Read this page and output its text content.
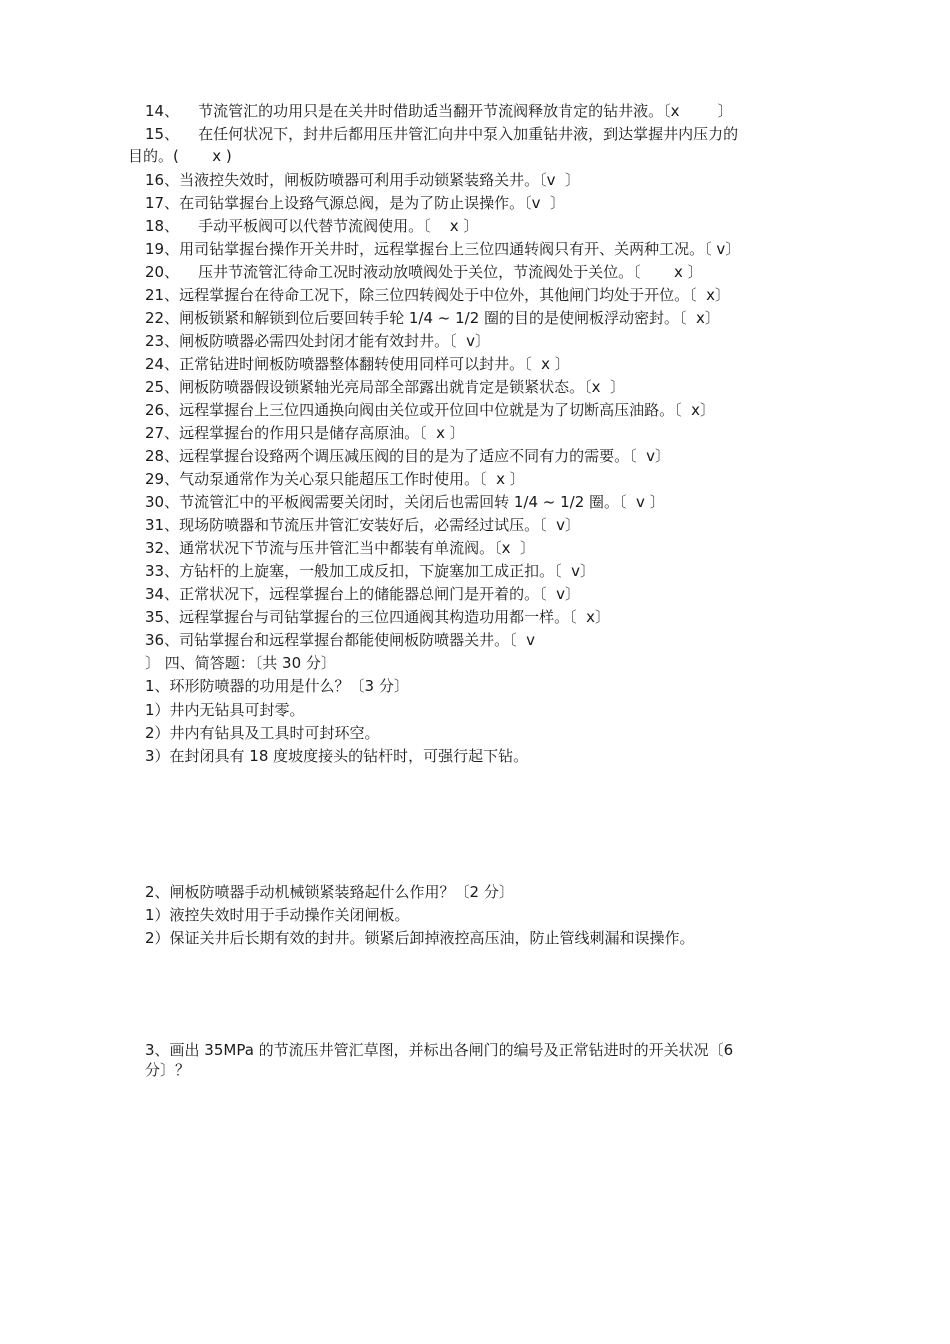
14、    节流管汇的功用只是在关井时借助适当翻开节流阀释放肯定的钻井液。〔x        〕
15、    在任何状况下，封井后都用压井管汇向井中泵入加重钻井液，到达掌握井内压力的
目的。(       x )
16、当液控失效时，闸板防喷器可利用手动锁紧装臵关井。〔v  〕
17、在司钻掌握台上设臵气源总阀，是为了防止误操作。〔v  〕
18、    手动平板阀可以代替节流阀使用。〔    x 〕
19、用司钻掌握台操作开关井时，远程掌握台上三位四通转阀只有开、关两种工况。〔 v〕
20、    压井节流管汇待命工况时液动放喷阀处于关位，节流阀处于关位。〔       x 〕
21、远程掌握台在待命工况下，除三位四转阀处于中位外，其他闸门均处于开位。〔  x〕
22、闸板锁紧和解锁到位后要回转手轮 1/4 ~ 1/2 圈的目的是使闸板浮动密封。〔  x〕
23、闸板防喷器必需四处封闭才能有效封井。〔  v〕
24、正常钻进时闸板防喷器整体翻转使用同样可以封井。〔  x 〕
25、闸板防喷器假设锁紧轴光亮局部全部露出就肯定是锁紧状态。〔x  〕
26、远程掌握台上三位四通换向阀由关位或开位回中位就是为了切断高压油路。〔  x〕
27、远程掌握台的作用只是储存高原油。〔  x 〕
28、远程掌握台设臵两个调压减压阀的目的是为了适应不同有力的需要。〔  v〕
29、气动泵通常作为关心泵只能超压工作时使用。〔  x 〕
30、节流管汇中的平板阀需要关闭时，关闭后也需回转 1/4 ~ 1/2 圈。〔  v 〕
31、现场防喷器和节流压井管汇安装好后，必需经过试压。〔  v〕
32、通常状况下节流与压井管汇当中都装有单流阀。〔x  〕
33、方钻杆的上旋塞，一般加工成反扣，下旋塞加工成正扣。〔  v〕
34、正常状况下，远程掌握台上的储能器总闸门是开着的。〔  v〕
35、远程掌握台与司钻掌握台的三位四通阀其构造功用都一样。〔  x〕
36、司钻掌握台和远程掌握台都能使闸板防喷器关井。〔  v
〕 四、简答题：〔共 30 分〕
1、环形防喷器的功用是什么？〔3 分〕
1）井内无钻具可封零。
2）井内有钻具及工具时可封环空。
3）在封闭具有 18 度坡度接头的钻杆时，可强行起下钻。
2、闸板防喷器手动机械锁紧装臵起什么作用？〔2 分〕
1）液控失效时用于手动操作关闭闸板。
2）保证关井后长期有效的封井。锁紧后卸掉液控高压油，防止管线刺漏和误操作。
3、画出 35MPa 的节流压井管汇草图，并标出各闸门的编号及正常钻进时的开关状况〔6
分〕？
